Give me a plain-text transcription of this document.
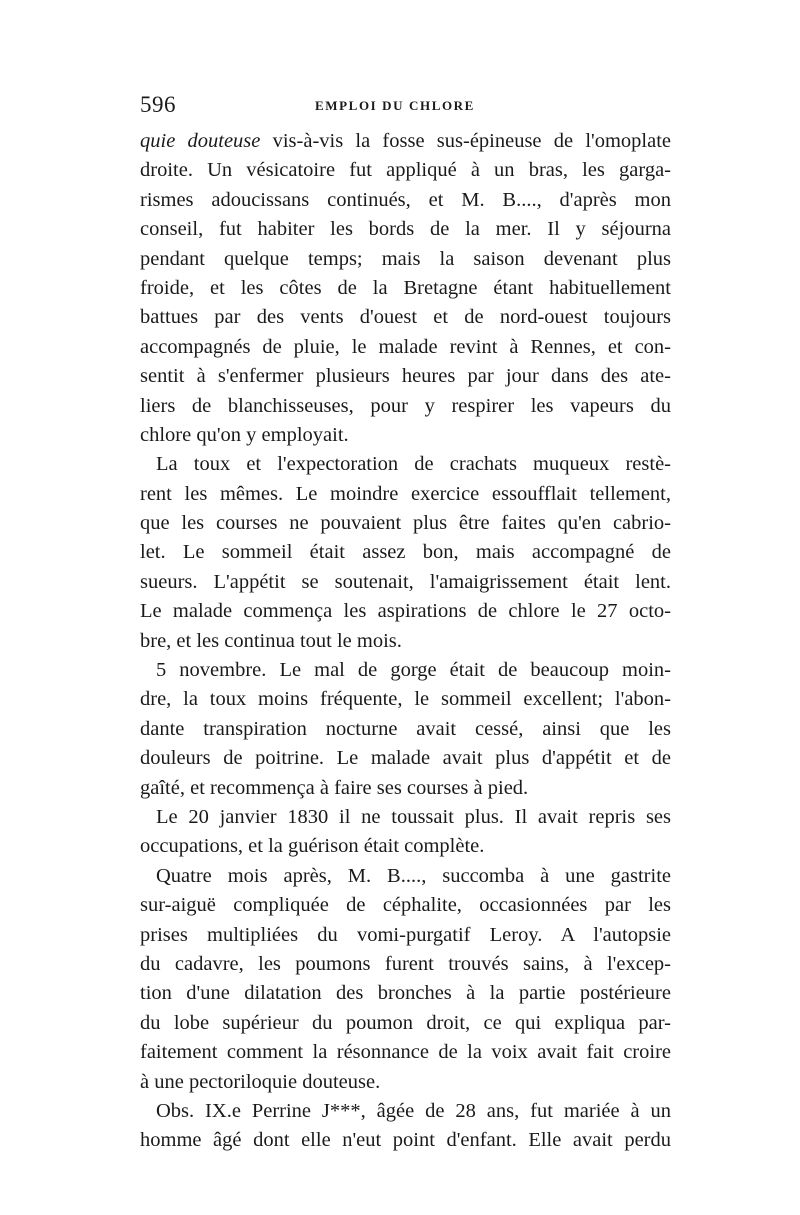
596	EMPLOI DU CHLORE
quie douteuse vis-à-vis la fosse sus-épineuse de l'omoplate
droite. Un vésicatoire fut appliqué à un bras, les garga-
rismes adoucissans continués, et M. B...., d'après mon
conseil, fut habiter les bords de la mer. Il y séjourna
pendant quelque temps; mais la saison devenant plus
froide, et les côtes de la Bretagne étant habituellement
battues par des vents d'ouest et de nord-ouest toujours
accompagnés de pluie, le malade revint à Rennes, et con-
sentit à s'enfermer plusieurs heures par jour dans des ate-
liers de blanchisseuses, pour y respirer les vapeurs du
chlore qu'on y employait.
La toux et l'expectoration de crachats muqueux restè-
rent les mêmes. Le moindre exercice essoufflait tellement,
que les courses ne pouvaient plus être faites qu'en cabrio-
let. Le sommeil était assez bon, mais accompagné de
sueurs. L'appétit se soutenait, l'amaigrissement était lent.
Le malade commença les aspirations de chlore le 27 octo-
bre, et les continua tout le mois.
5 novembre. Le mal de gorge était de beaucoup moin-
dre, la toux moins fréquente, le sommeil excellent; l'abon-
dante transpiration nocturne avait cessé, ainsi que les
douleurs de poitrine. Le malade avait plus d'appétit et de
gaîté, et recommença à faire ses courses à pied.
Le 20 janvier 1830 il ne toussait plus. Il avait repris ses
occupations, et la guérison était complète.
Quatre mois après, M. B...., succomba à une gastrite
sur-aiguë compliquée de céphalite, occasionnées par les
prises multipliées du vomi-purgatif Leroy. A l'autopsie
du cadavre, les poumons furent trouvés sains, à l'excep-
tion d'une dilatation des bronches à la partie postérieure
du lobe supérieur du poumon droit, ce qui expliqua par-
faitement comment la résonnance de la voix avait fait croire
à une pectoriloquie douteuse.
Obs. IX.e Perrine J***, âgée de 28 ans, fut mariée à un
homme âgé dont elle n'eut point d'enfant. Elle avait perdu
